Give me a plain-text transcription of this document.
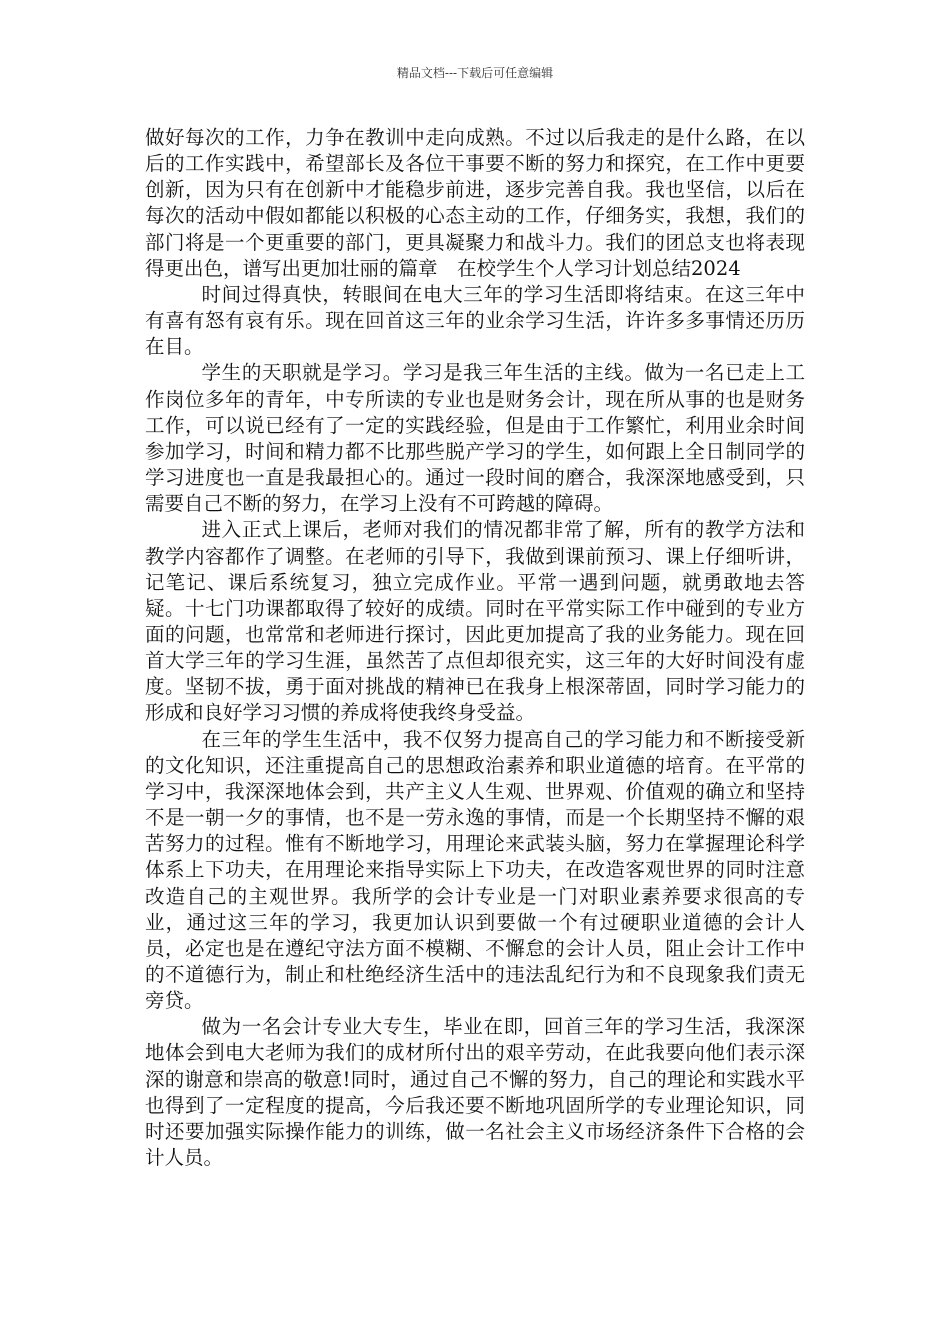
精品文档---下载后可任意编辑

做好每次的工作，力争在教训中走向成熟。不过以后我走的是什么路，在以后的工作实践中，希望部长及各位干事要不断的努力和探究，在工作中更要创新，因为只有在创新中才能稳步前进，逐步完善自我。我也坚信，以后在每次的活动中假如都能以积极的心态主动的工作，仔细务实，我想，我们的部门将是一个更重要的部门，更具凝聚力和战斗力。我们的团总支也将表现得更出色，谱写出更加壮丽的篇章　在校学生个人学习计划总结2024

时间过得真快，转眼间在电大三年的学习生活即将结束。在这三年中有喜有怒有哀有乐。现在回首这三年的业余学习生活，许许多多事情还历历在目。

学生的天职就是学习。学习是我三年生活的主线。做为一名已走上工作岗位多年的青年，中专所读的专业也是财务会计，现在所从事的也是财务工作，可以说已经有了一定的实践经验，但是由于工作繁忙，利用业余时间参加学习，时间和精力都不比那些脱产学习的学生，如何跟上全日制同学的学习进度也一直是我最担心的。通过一段时间的磨合，我深深地感受到，只需要自己不断的努力，在学习上没有不可跨越的障碍。

进入正式上课后，老师对我们的情况都非常了解，所有的教学方法和教学内容都作了调整。在老师的引导下，我做到课前预习、课上仔细听讲，记笔记、课后系统复习，独立完成作业。平常一遇到问题，就勇敢地去答疑。十七门功课都取得了较好的成绩。同时在平常实际工作中碰到的专业方面的问题，也常常和老师进行探讨，因此更加提高了我的业务能力。现在回首大学三年的学习生涯，虽然苦了点但却很充实，这三年的大好时间没有虚度。坚韧不拔，勇于面对挑战的精神已在我身上根深蒂固，同时学习能力的形成和良好学习习惯的养成将使我终身受益。

在三年的学生生活中，我不仅努力提高自己的学习能力和不断接受新的文化知识，还注重提高自己的思想政治素养和职业道德的培育。在平常的学习中，我深深地体会到，共产主义人生观、世界观、价值观的确立和坚持不是一朝一夕的事情，也不是一劳永逸的事情，而是一个长期坚持不懈的艰苦努力的过程。惟有不断地学习，用理论来武装头脑，努力在掌握理论科学体系上下功夫，在用理论来指导实际上下功夫，在改造客观世界的同时注意改造自己的主观世界。我所学的会计专业是一门对职业素养要求很高的专业，通过这三年的学习，我更加认识到要做一个有过硬职业道德的会计人员，必定也是在遵纪守法方面不模糊、不懈怠的会计人员，阻止会计工作中的不道德行为，制止和杜绝经济生活中的违法乱纪行为和不良现象我们责无旁贷。

做为一名会计专业大专生，毕业在即，回首三年的学习生活，我深深地体会到电大老师为我们的成材所付出的艰辛劳动，在此我要向他们表示深深的谢意和崇高的敬意!同时，通过自己不懈的努力，自己的理论和实践水平也得到了一定程度的提高，今后我还要不断地巩固所学的专业理论知识，同时还要加强实际操作能力的训练，做一名社会主义市场经济条件下合格的会计人员。
